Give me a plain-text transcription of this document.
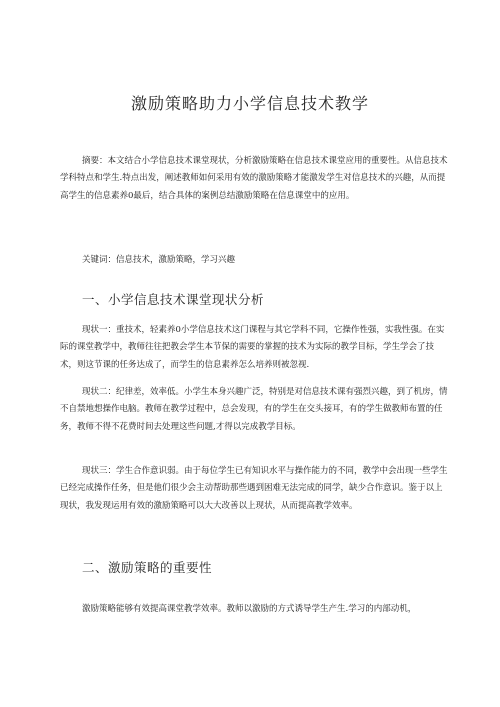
激励策略助力小学信息技术教学

摘要：本文结合小学信息技术课堂现状，分析激励策略在信息技术课堂应用的重要性。从信息技术学科特点和学生.特点出发，阐述教师如何采用有效的激励策略才能激发学生对信息技术的兴趣，从而提高学生的信息素养0最后，结合具体的案例总结激励策略在信息课堂中的应用。

关键词：信息技术，激励策略，学习兴趣
一、小学信息技术课堂现状分析

现状一：重技术，轻素养0小学信息技术这门课程与其它学科不同，它操作性强，实我性强。在实际的课堂教学中，教师往往把教会学生本节保的需要的掌握的技术为实际的教学目标，学生学会了技术，则这节课的任务达成了，而学生的信息素养怎么培养则被忽视.

现状二：纪律差，效率低。小学生本身兴趣广泛，特别是对信息技术课有强烈兴趣，到了机房，情不自禁地想操作电脑。教师在教学过程中，总会发现，有的学生在交头接耳，有的学生做教师布置的任务，教师不得不花费时间去处理这些问题,才得以完成教学目标。

现状三：学生合作意识弱。由于每位学生已有知识水平与操作能力的不同，教学中会出现一些学生已经完成操作任务，但是他们很少会主动帮助那些遇到困难无法完成的同学，缺少合作意识。鉴于以上现状，我发现运用有效的激励策略可以大大改善以上现状，从而提高教学效率。

二、激励策略的重要性

激励策略能够有效提高课堂教学效率。教师以激励的方式诱导学生产生.学习的内部动机，
